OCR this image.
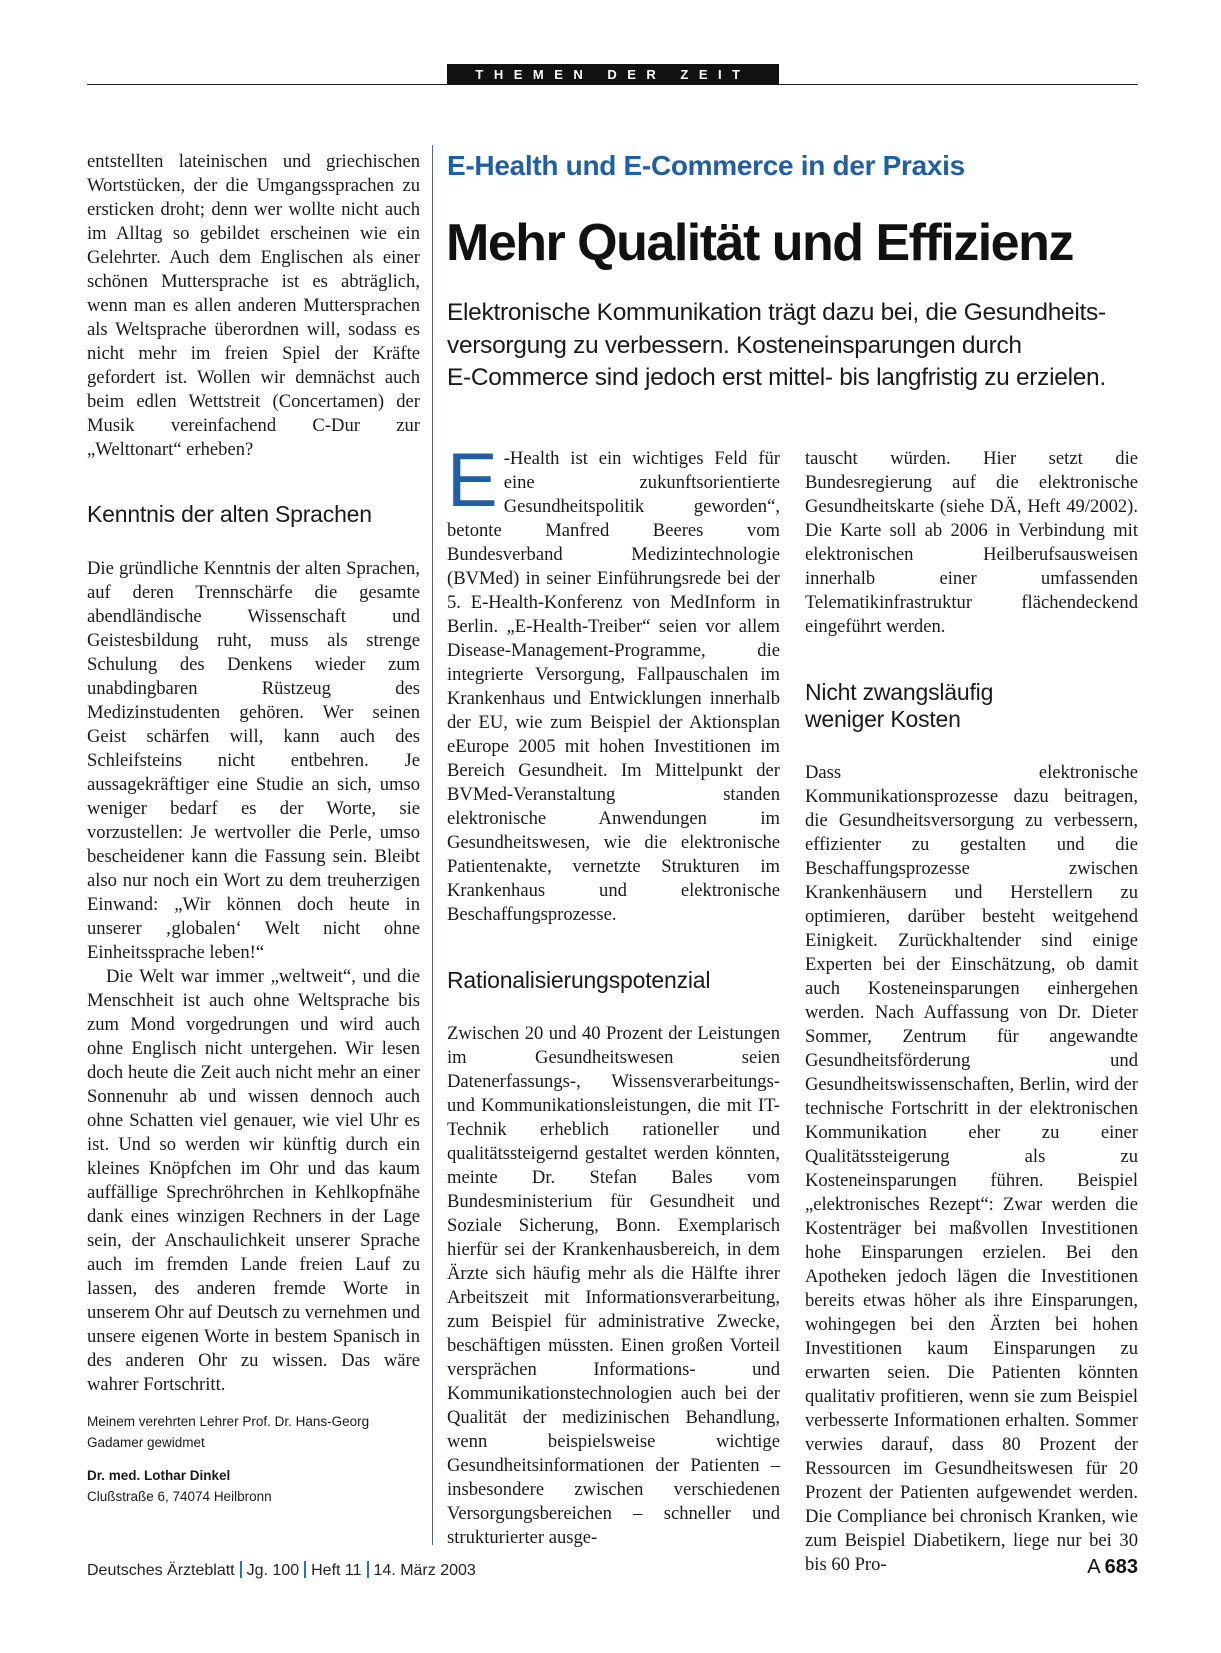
THEMEN DER ZEIT

entstellten lateinischen und griechischen Wortstücken, der die Umgangssprachen zu ersticken droht; denn wer wollte nicht auch im Alltag so gebildet erscheinen wie ein Gelehrter. Auch dem Englischen als einer schönen Muttersprache ist es abträglich, wenn man es allen anderen Muttersprachen als Weltsprache überordnen will, sodass es nicht mehr im freien Spiel der Kräfte gefordert ist. Wollen wir demnächst auch beim edlen Wettstreit (Concertamen) der Musik vereinfachend C-Dur zur „Welttonart“ erheben?

Kenntnis der alten Sprachen

Die gründliche Kenntnis der alten Sprachen, auf deren Trennschärfe die gesamte abendländische Wissenschaft und Geistesbildung ruht, muss als strenge Schulung des Denkens wieder zum unabdingbaren Rüstzeug des Medizinstudenten gehören. Wer seinen Geist schärfen will, kann auch des Schleifsteins nicht entbehren. Je aussagekräftiger eine Studie an sich, umso weniger bedarf es der Worte, sie vorzustellen: Je wertvoller die Perle, umso bescheidener kann die Fassung sein. Bleibt also nur noch ein Wort zu dem treuherzigen Einwand: „Wir können doch heute in unserer ‚globalen‘ Welt nicht ohne Einheitssprache leben!“

Die Welt war immer „weltweit“, und die Menschheit ist auch ohne Weltsprache bis zum Mond vorgedrungen und wird auch ohne Englisch nicht untergehen. Wir lesen doch heute die Zeit auch nicht mehr an einer Sonnenuhr ab und wissen dennoch auch ohne Schatten viel genauer, wie viel Uhr es ist. Und so werden wir künftig durch ein kleines Knöpfchen im Ohr und das kaum auffällige Sprechröhrchen in Kehlkopfnähe dank eines winzigen Rechners in der Lage sein, der Anschaulichkeit unserer Sprache auch im fremden Lande freien Lauf zu lassen, des anderen fremde Worte in unserem Ohr auf Deutsch zu vernehmen und unsere eigenen Worte in bestem Spanisch in des anderen Ohr zu wissen. Das wäre wahrer Fortschritt.

Meinem verehrten Lehrer Prof. Dr. Hans-Georg Gadamer gewidmet

Dr. med. Lothar Dinkel
Clußstraße 6, 74074 Heilbronn

E-Health und E-Commerce in der Praxis
Mehr Qualität und Effizienz
Elektronische Kommunikation trägt dazu bei, die Gesundheits-
versorgung zu verbessern. Kosteneinsparungen durch
E-Commerce sind jedoch erst mittel- bis langfristig zu erzielen.

E -Health ist ein wichtiges Feld für eine zukunftsorientierte Gesundheitspolitik geworden“, betonte Manfred Beeres vom Bundesverband Medizintechnologie (BVMed) in seiner Einführungsrede bei der 5. E-Health-Konferenz von MedInform in Berlin. „E-Health-Treiber“ seien vor allem Disease-Management-Programme, die integrierte Versorgung, Fallpauschalen im Krankenhaus und Entwicklungen innerhalb der EU, wie zum Beispiel der Aktionsplan eEurope 2005 mit hohen Investitionen im Bereich Gesundheit. Im Mittelpunkt der BVMed-Veranstaltung standen elektronische Anwendungen im Gesundheitswesen, wie die elektronische Patientenakte, vernetzte Strukturen im Krankenhaus und elektronische Beschaffungsprozesse.

Rationalisierungspotenzial

Zwischen 20 und 40 Prozent der Leistungen im Gesundheitswesen seien Datenerfassungs-, Wissensverarbeitungs- und Kommunikationsleistungen, die mit IT-Technik erheblich rationeller und qualitätssteigernd gestaltet werden könnten, meinte Dr. Stefan Bales vom Bundesministerium für Gesundheit und Soziale Sicherung, Bonn. Exemplarisch hierfür sei der Krankenhausbereich, in dem Ärzte sich häufig mehr als die Hälfte ihrer Arbeitszeit mit Informationsverarbeitung, zum Beispiel für administrative Zwecke, beschäftigen müssten. Einen großen Vorteil versprächen Informations- und Kommunikationstechnologien auch bei der Qualität der medizinischen Behandlung, wenn beispielsweise wichtige Gesundheitsinformationen der Patienten – insbesondere zwischen verschiedenen Versorgungsbereichen – schneller und strukturierter ausge-

tauscht würden. Hier setzt die Bundesregierung auf die elektronische Gesundheitskarte (siehe DÄ, Heft 49/2002). Die Karte soll ab 2006 in Verbindung mit elektronischen Heilberufsausweisen innerhalb einer umfassenden Telematikinfrastruktur flächendeckend eingeführt werden.

Nicht zwangsläufig
weniger Kosten

Dass elektronische Kommunikationsprozesse dazu beitragen, die Gesundheitsversorgung zu verbessern, effizienter zu gestalten und die Beschaffungsprozesse zwischen Krankenhäusern und Herstellern zu optimieren, darüber besteht weitgehend Einigkeit. Zurückhaltender sind einige Experten bei der Einschätzung, ob damit auch Kosteneinsparungen einhergehen werden. Nach Auffassung von Dr. Dieter Sommer, Zentrum für angewandte Gesundheitsförderung und Gesundheitswissenschaften, Berlin, wird der technische Fortschritt in der elektronischen Kommunikation eher zu einer Qualitätssteigerung als zu Kosteneinsparungen führen. Beispiel „elektronisches Rezept“: Zwar werden die Kostenträger bei maßvollen Investitionen hohe Einsparungen erzielen. Bei den Apotheken jedoch lägen die Investitionen bereits etwas höher als ihre Einsparungen, wohingegen bei den Ärzten bei hohen Investitionen kaum Einsparungen zu erwarten seien. Die Patienten könnten qualitativ profitieren, wenn sie zum Beispiel verbesserte Informationen erhalten. Sommer verwies darauf, dass 80 Prozent der Ressourcen im Gesundheitswesen für 20 Prozent der Patienten aufgewendet werden. Die Compliance bei chronisch Kranken, wie zum Beispiel Diabetikern, liege nur bei 30 bis 60 Pro-

Deutsches Ärzteblatt Jg. 100 Heft 11 14. März 2003	A  683
